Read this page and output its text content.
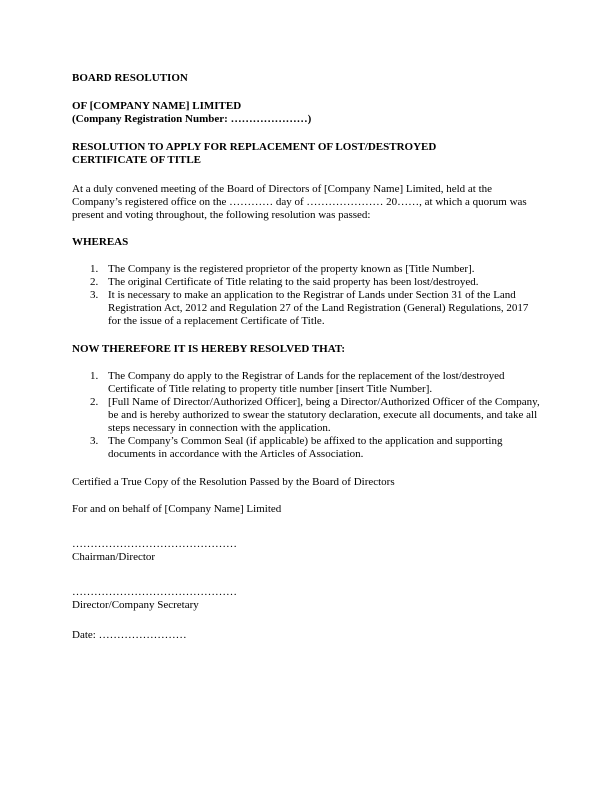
BOARD RESOLUTION

OF [COMPANY NAME] LIMITED

(Company Registration Number: …………………)

RESOLUTION TO APPLY FOR REPLACEMENT OF LOST/DESTROYED

CERTIFICATE OF TITLE

At a duly convened meeting of the Board of Directors of [Company Name] Limited, held at the Company’s registered office on the ………… day of ………………… 20……, at which a quorum was present and voting throughout, the following resolution was passed:

WHEREAS

1. The Company is the registered proprietor of the property known as [Title Number].
2. The original Certificate of Title relating to the said property has been lost/destroyed.
3. It is necessary to make an application to the Registrar of Lands under Section 31 of the Land Registration Act, 2012 and Regulation 27 of the Land Registration (General) Regulations, 2017 for the issue of a replacement Certificate of Title.

NOW THEREFORE IT IS HEREBY RESOLVED THAT:

1. The Company do apply to the Registrar of Lands for the replacement of the lost/destroyed Certificate of Title relating to property title number [insert Title Number].
2. [Full Name of Director/Authorized Officer], being a Director/Authorized Officer of the Company, be and is hereby authorized to swear the statutory declaration, execute all documents, and take all steps necessary in connection with the application.
3. The Company’s Common Seal (if applicable) be affixed to the application and supporting documents in accordance with the Articles of Association.

Certified a True Copy of the Resolution Passed by the Board of Directors

For and on behalf of [Company Name] Limited

………………………………………

Chairman/Director

………………………………………

Director/Company Secretary

Date: ……………………
